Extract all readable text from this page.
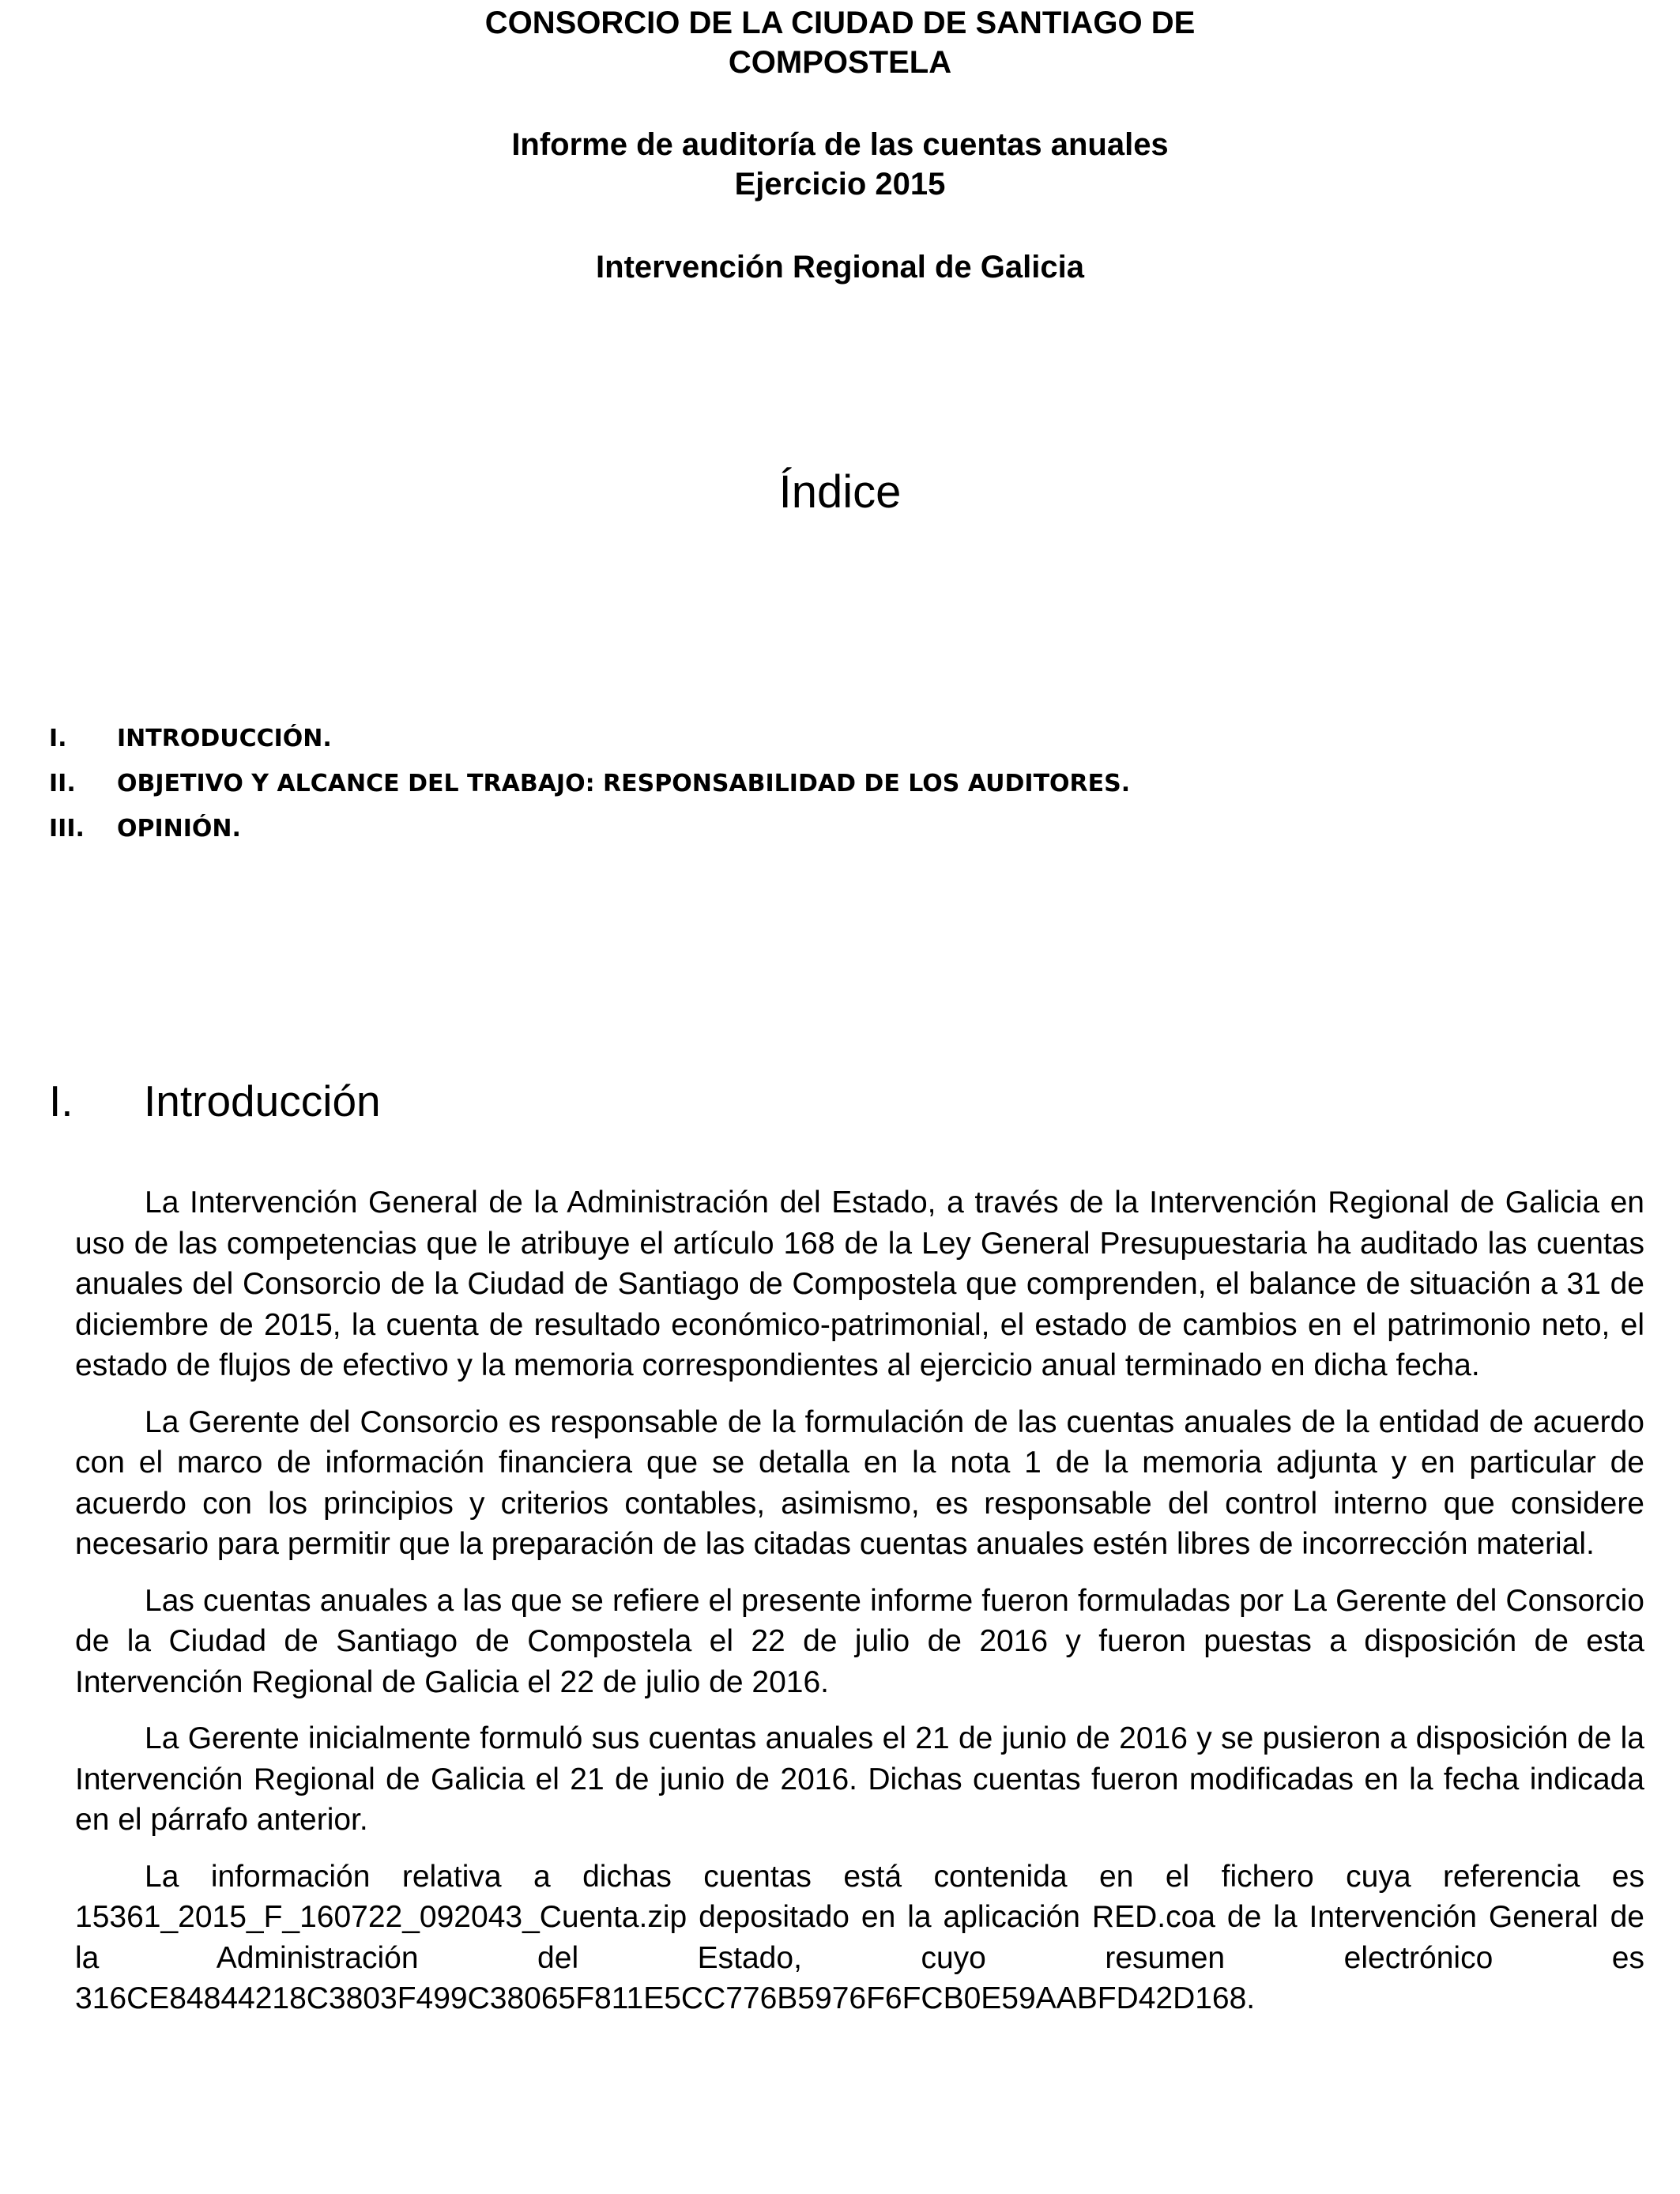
CONSORCIO DE LA CIUDAD DE SANTIAGO DE
COMPOSTELA
Informe de auditoría de las cuentas anuales
Ejercicio 2015
Intervención Regional de Galicia
Índice
I.	INTRODUCCIÓN.
II.	OBJETIVO Y ALCANCE DEL TRABAJO: RESPONSABILIDAD DE LOS AUDITORES.
III.	OPINIÓN.
I.	Introducción

La Intervención General de la Administración del Estado, a través de la Intervención Regional de Galicia en uso de las competencias que le atribuye el artículo 168 de la Ley General Presupuestaria ha auditado las cuentas anuales del Consorcio de la Ciudad de Santiago de Compostela que comprenden, el balance de situación a 31 de diciembre de 2015, la cuenta de resultado económico-patrimonial, el estado de cambios en el patrimonio neto, el estado de flujos de efectivo y la memoria correspondientes al ejercicio anual terminado en dicha fecha.

La Gerente del Consorcio es responsable de la formulación de las cuentas anuales de la entidad de acuerdo con el marco de información financiera que se detalla en la nota 1 de la memoria adjunta y en particular de acuerdo con los principios y criterios contables, asimismo, es responsable del control interno que considere necesario para permitir que la preparación de las citadas cuentas anuales estén libres de incorrección material.

Las cuentas anuales a las que se refiere el presente informe fueron formuladas por La Gerente del Consorcio de la Ciudad de Santiago de Compostela el 22 de julio de 2016 y fueron puestas a disposición de esta Intervención Regional de Galicia el 22 de julio de 2016.

La Gerente inicialmente formuló sus cuentas anuales el 21 de junio de 2016 y se pusieron a disposición de la Intervención Regional de Galicia el 21 de junio de 2016. Dichas cuentas fueron modificadas en la fecha indicada en el párrafo anterior.

La información relativa a dichas cuentas está contenida en el fichero cuya referencia es 15361_2015_F_160722_092043_Cuenta.zip depositado en la aplicación RED.coa de la Intervención General de la Administración del Estado, cuyo resumen electrónico es 316CE84844218C3803F499C38065F811E5CC776B5976F6FCB0E59AABFD42D168.
